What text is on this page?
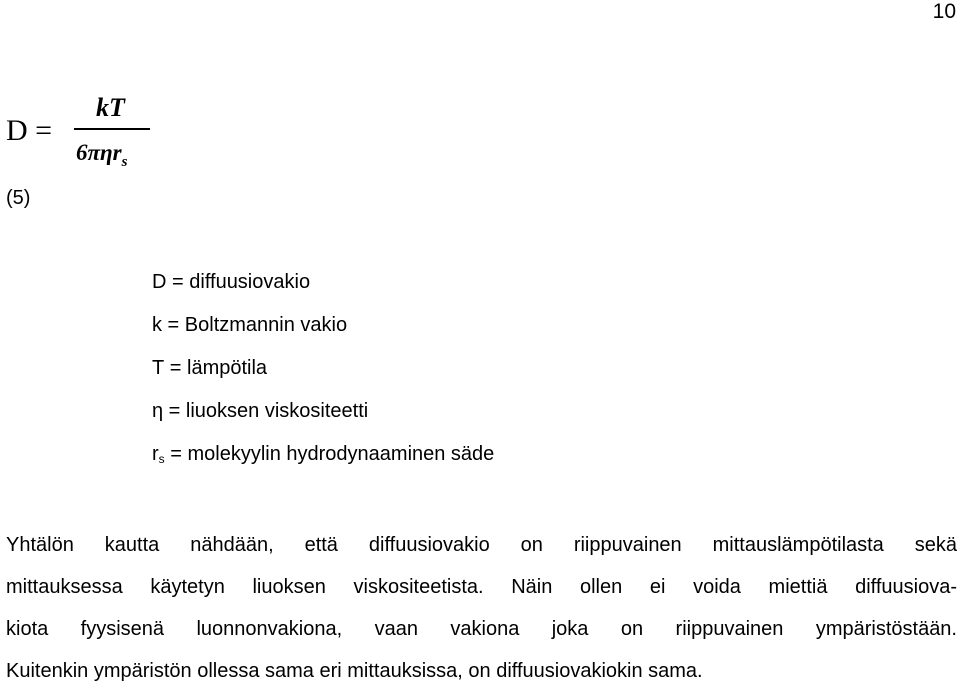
10
D =
kT
6πηr$_s$
(5)
D = diffuusiovakio
k = Boltzmannin vakio
T = lämpötila
η = liuoksen viskositeetti
$r_s$ = molekyylin hydrodynaaminen säde
Yhtälön kautta nähdään, että diffuusiovakio on riippuvainen mittauslämpötilasta sekä
mittauksessa käytetyn liuoksen viskositeetista. Näin ollen ei voida miettiä diffuusiova-
kiota fyysisenä luonnonvakiona, vaan vakiona joka on riippuvainen ympäristöstään.
Kuitenkin ympäristön ollessa sama eri mittauksissa, on diffuusiovakiokin sama.
